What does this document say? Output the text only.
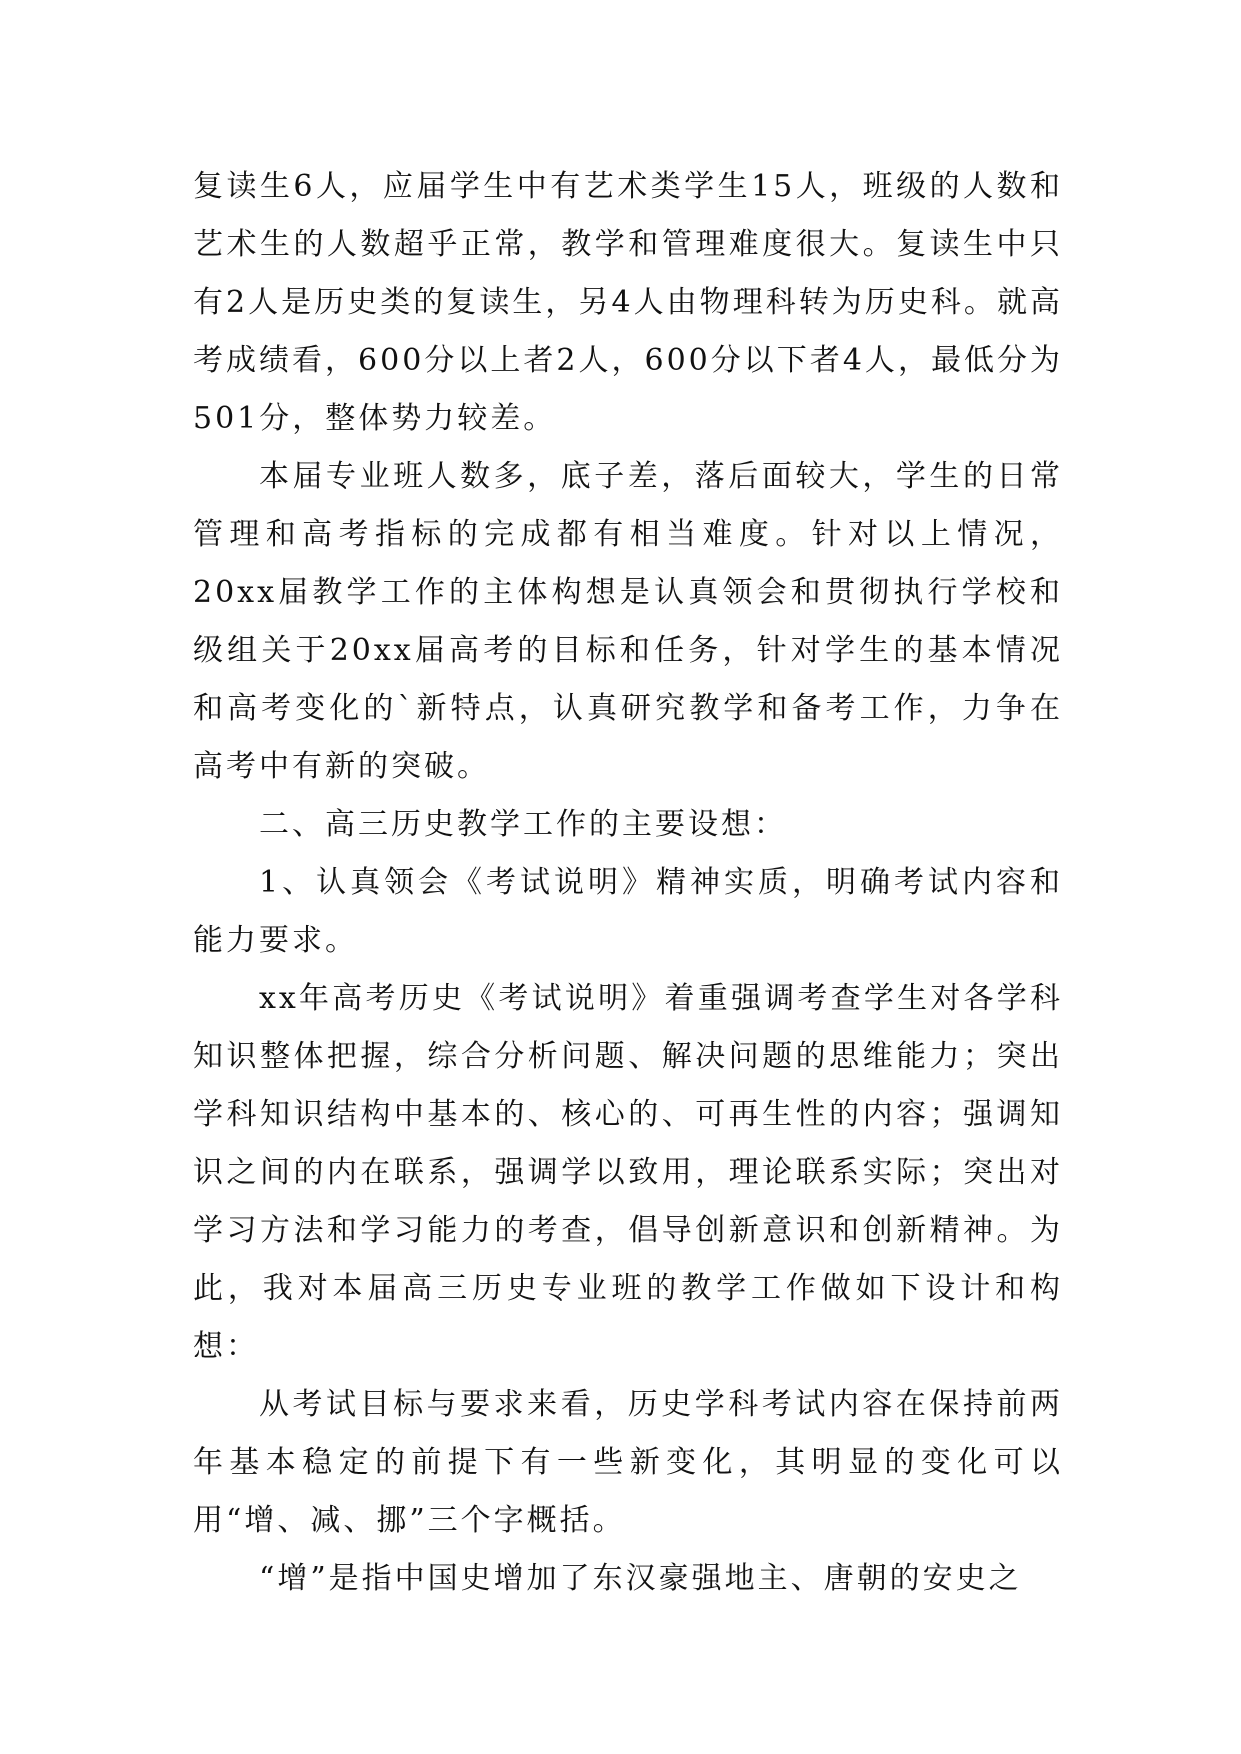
复读生6人，应届学生中有艺术类学生15人，班级的人数和艺术生的人数超乎正常，教学和管理难度很大。复读生中只有2人是历史类的复读生，另4人由物理科转为历史科。就高考成绩看，600分以上者2人，600分以下者4人，最低分为501分，整体势力较差。

本届专业班人数多，底子差，落后面较大，学生的日常管理和高考指标的完成都有相当难度。针对以上情况，20xx届教学工作的主体构想是认真领会和贯彻执行学校和级组关于20xx届高考的目标和任务，针对学生的基本情况和高考变化的`新特点，认真研究教学和备考工作，力争在高考中有新的突破。

二、高三历史教学工作的主要设想：

1、认真领会《考试说明》精神实质，明确考试内容和能力要求。

xx年高考历史《考试说明》着重强调考查学生对各学科知识整体把握，综合分析问题、解决问题的思维能力；突出学科知识结构中基本的、核心的、可再生性的内容；强调知识之间的内在联系，强调学以致用，理论联系实际；突出对学习方法和学习能力的考查，倡导创新意识和创新精神。为此，我对本届高三历史专业班的教学工作做如下设计和构想：

从考试目标与要求来看，历史学科考试内容在保持前两年基本稳定的前提下有一些新变化，其明显的变化可以用“增、减、挪”三个字概括。

“增”是指中国史增加了东汉豪强地主、唐朝的安史之
